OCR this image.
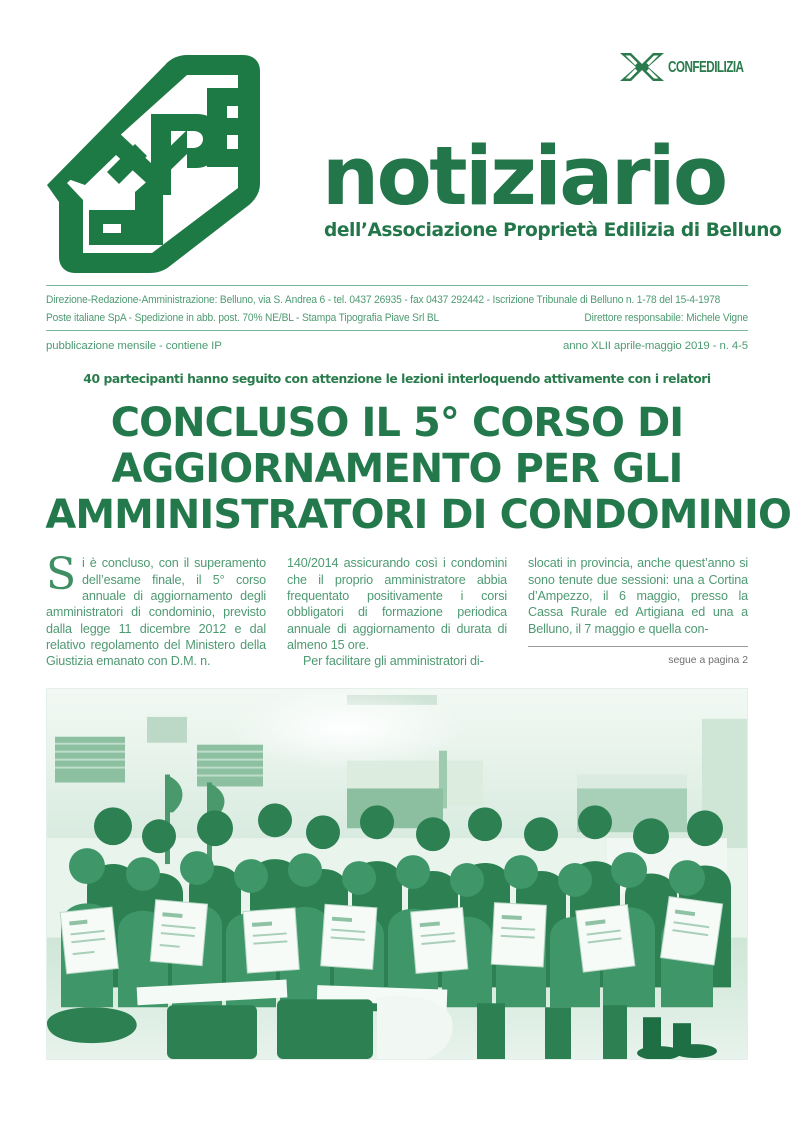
CONFEDILIZIA
notiziario
dell’Associazione Proprietà Edilizia di Belluno
Direzione-Redazione-Amministrazione: Belluno, via S. Andrea 6 - tel. 0437 26935 - fax 0437 292442 - Iscrizione Tribunale di Belluno n. 1-78 del 15-4-1978
Poste italiane SpA - Spedizione in abb. post. 70% NE/BL - Stampa Tipografia Piave Srl BL	Direttore responsabile: Michele Vigne
pubblicazione mensile - contiene IP	anno XLII aprile-maggio 2019 - n. 4-5
40 partecipanti hanno seguito con attenzione le lezioni interloquendo attivamente con i relatori
CONCLUSO IL 5° CORSO DI
AGGIORNAMENTO PER GLI
AMMINISTRATORI DI CONDOMINIO

Si è concluso, con il superamento dell’esame finale, il 5° corso annuale di aggiornamento degli amministratori di condominio, previsto dalla legge 11 dicembre 2012 e dal relativo regolamento del Ministero della Giustizia emanato con D.M. n.

140/2014 assicurando così i condomini che il proprio amministratore abbia frequentato positivamente i corsi obbligatori di formazione periodica annuale di aggiornamento di durata di almeno 15 ore.

Per facilitare gli amministratori di-

slocati in provincia, anche quest’anno si sono tenute due sessioni: una a Cortina d’Ampezzo, il 6 maggio, presso la Cassa Rurale ed Artigiana ed una a Belluno, il 7 maggio e quella con-

segue a pagina 2
